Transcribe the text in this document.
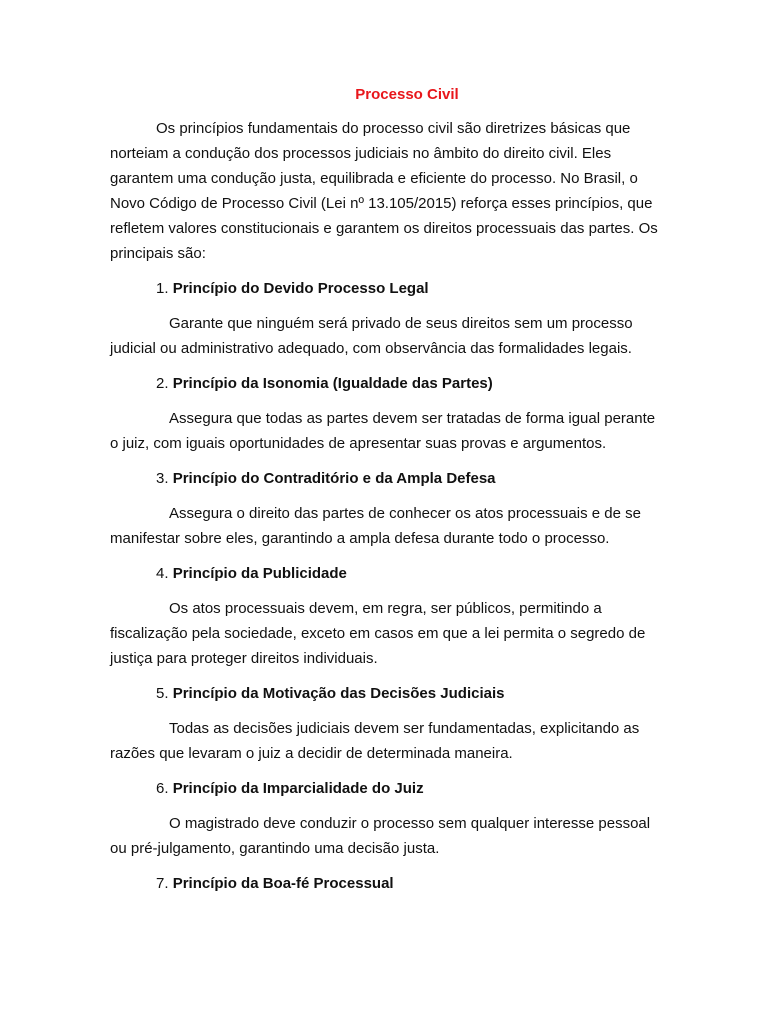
Processo Civil

Os princípios fundamentais do processo civil são diretrizes básicas que norteiam a condução dos processos judiciais no âmbito do direito civil. Eles garantem uma condução justa, equilibrada e eficiente do processo. No Brasil, o Novo Código de Processo Civil (Lei nº 13.105/2015) reforça esses princípios, que refletem valores constitucionais e garantem os direitos processuais das partes. Os principais são:

1. Princípio do Devido Processo Legal

Garante que ninguém será privado de seus direitos sem um processo judicial ou administrativo adequado, com observância das formalidades legais.

2. Princípio da Isonomia (Igualdade das Partes)

Assegura que todas as partes devem ser tratadas de forma igual perante o juiz, com iguais oportunidades de apresentar suas provas e argumentos.

3. Princípio do Contraditório e da Ampla Defesa

Assegura o direito das partes de conhecer os atos processuais e de se manifestar sobre eles, garantindo a ampla defesa durante todo o processo.

4. Princípio da Publicidade

Os atos processuais devem, em regra, ser públicos, permitindo a fiscalização pela sociedade, exceto em casos em que a lei permita o segredo de justiça para proteger direitos individuais.

5. Princípio da Motivação das Decisões Judiciais

Todas as decisões judiciais devem ser fundamentadas, explicitando as razões que levaram o juiz a decidir de determinada maneira.

6. Princípio da Imparcialidade do Juiz

O magistrado deve conduzir o processo sem qualquer interesse pessoal ou pré-julgamento, garantindo uma decisão justa.

7. Princípio da Boa-fé Processual
